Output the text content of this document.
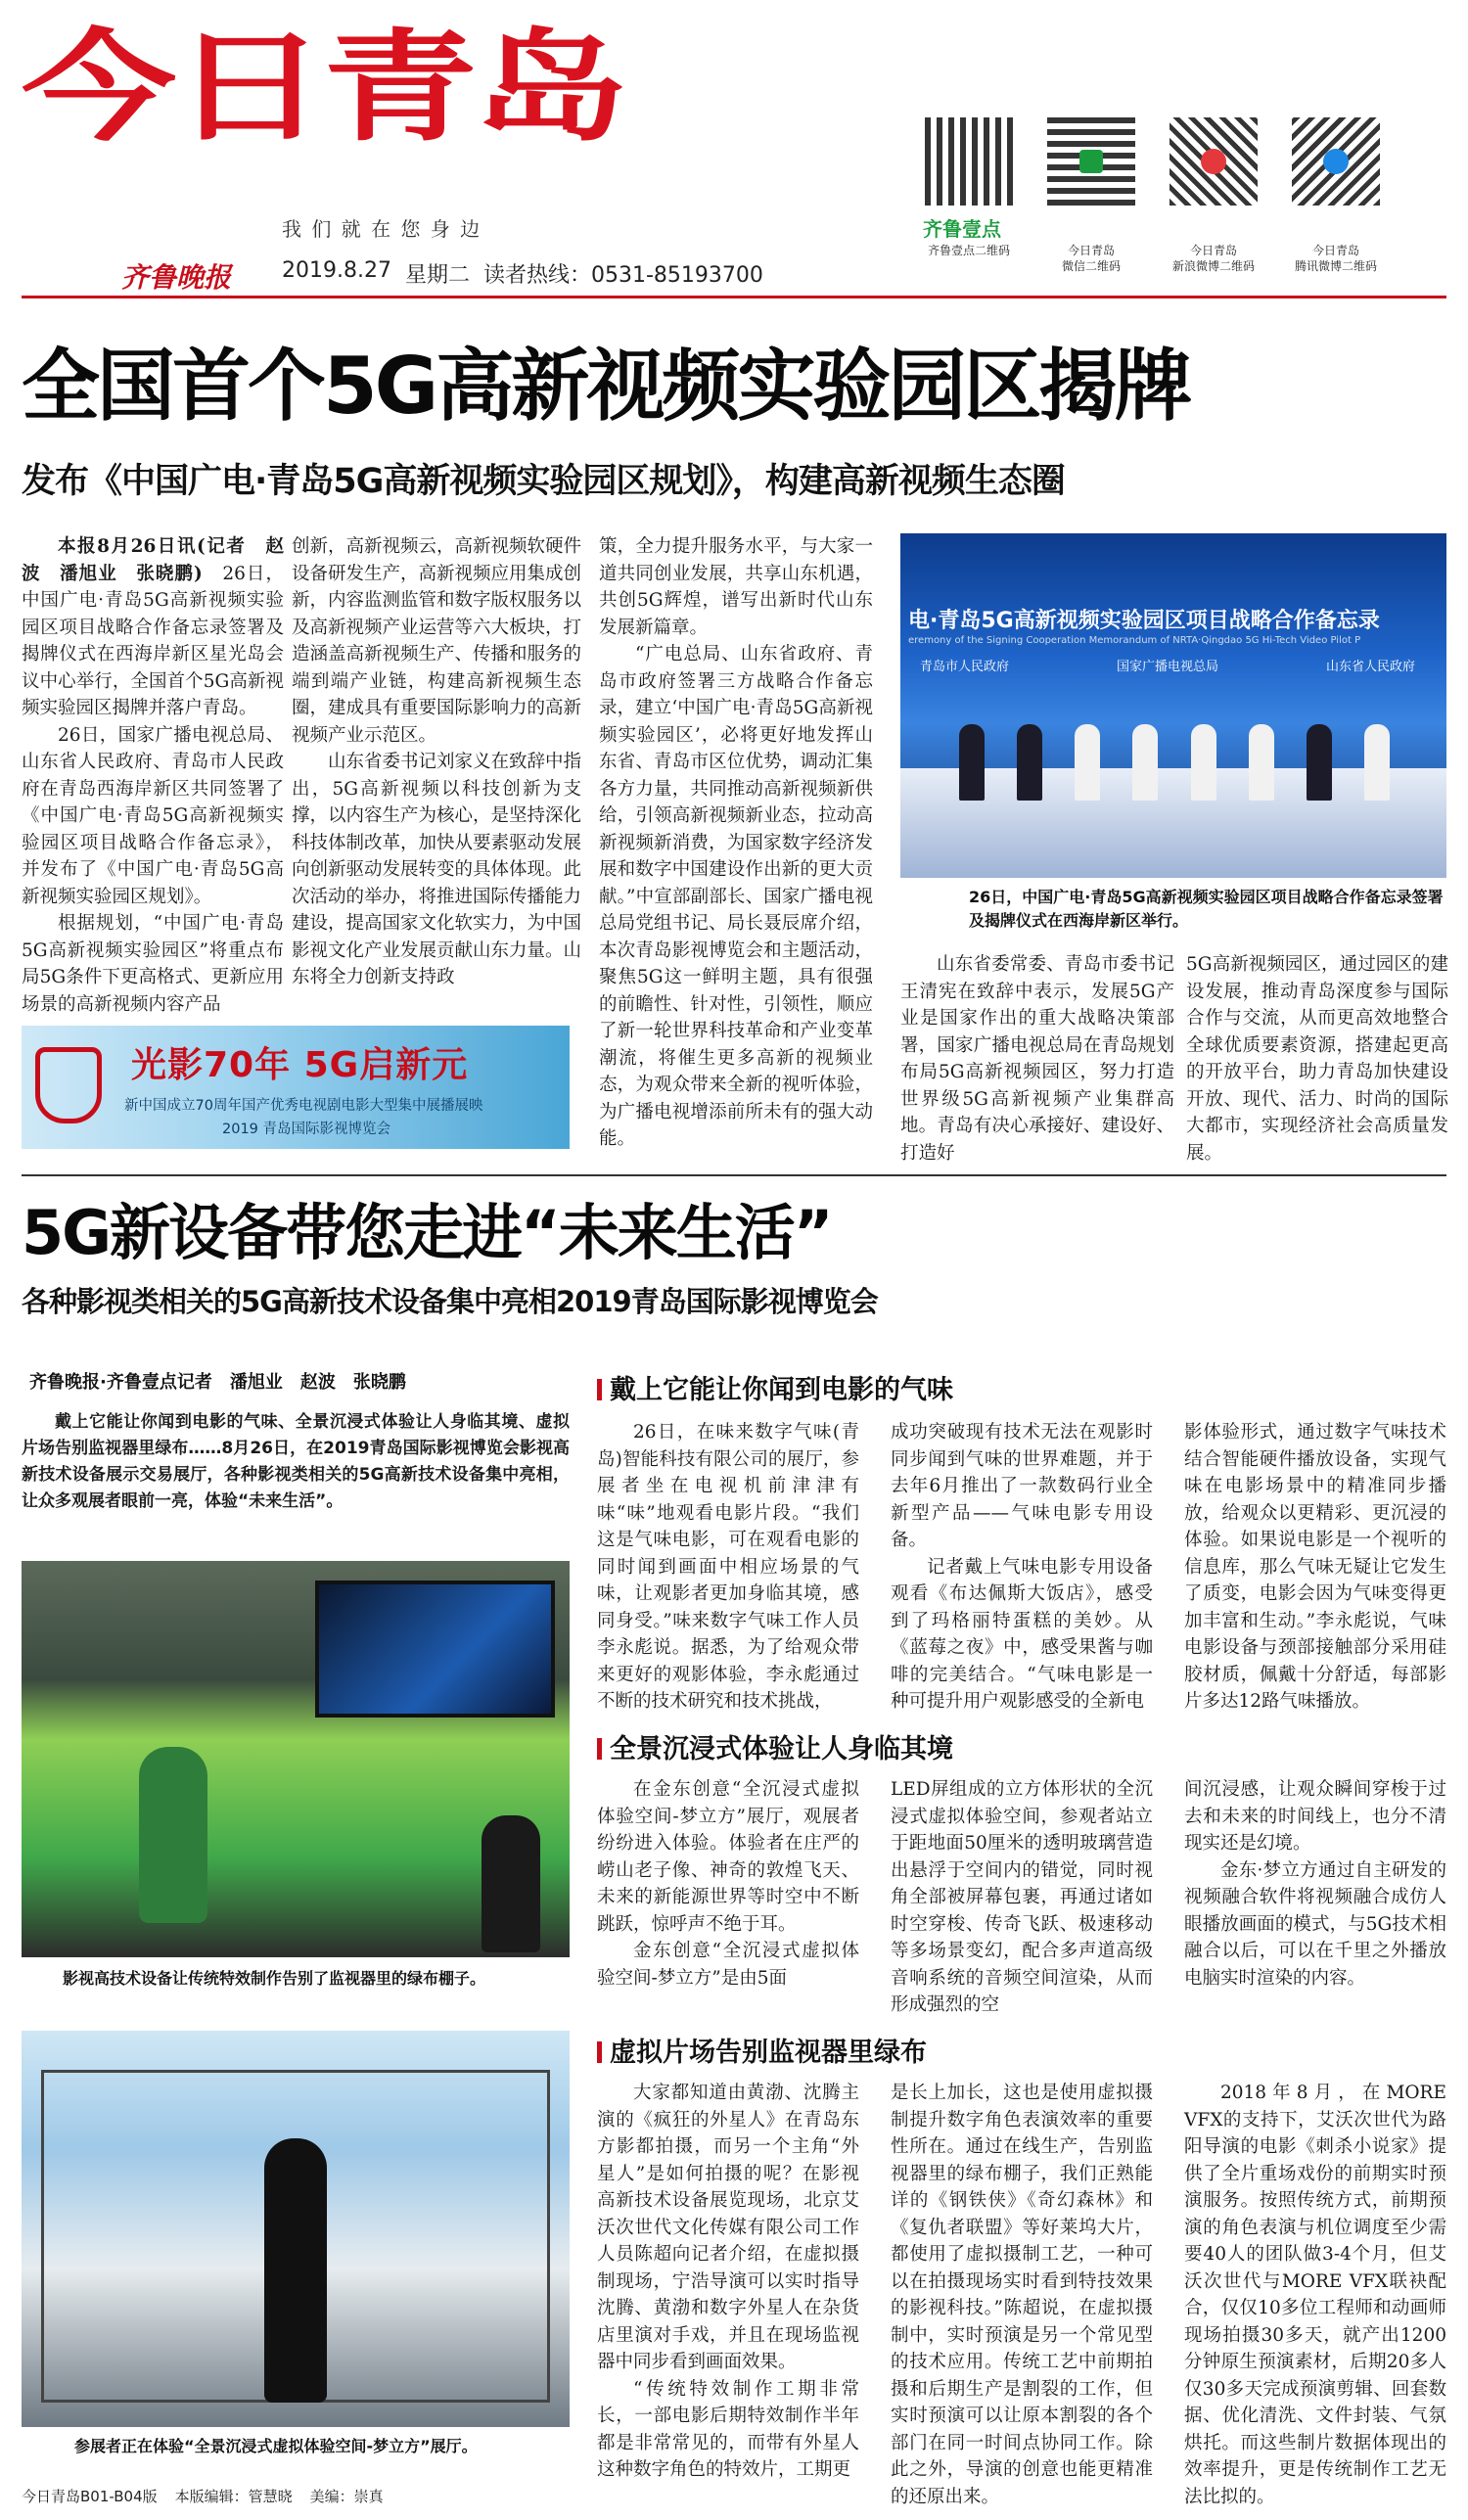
今日青岛
我 们 就 在 您 身 边
齐鲁晚报 2019.8.27 星期二 读者热线：0531-85193700
齐鲁壹点
齐鲁壹点二维码	今日青岛
微信二维码
今日青岛
新浪微博二维码
今日青岛
腾讯微博二维码
全国首个5G高新视频实验园区揭牌
发布《中国广电·青岛5G高新视频实验园区规划》，构建高新视频生态圈

本报8月26日讯(记者　赵波　潘旭业　张晓鹏)　26日，中国广电·青岛5G高新视频实验园区项目战略合作备忘录签署及揭牌仪式在西海岸新区星光岛会议中心举行，全国首个5G高新视频实验园区揭牌并落户青岛。

26日，国家广播电视总局、山东省人民政府、青岛市人民政府在青岛西海岸新区共同签署了《中国广电·青岛5G高新视频实验园区项目战略合作备忘录》，并发布了《中国广电·青岛5G高新视频实验园区规划》。

根据规划，“中国广电·青岛5G高新视频实验园区”将重点布局5G条件下更高格式、更新应用场景的高新视频内容产品

创新，高新视频云，高新视频软硬件设备研发生产，高新视频应用集成创新，内容监测监管和数字版权服务以及高新视频产业运营等六大板块，打造涵盖高新视频生产、传播和服务的端到端产业链，构建高新视频生态圈，建成具有重要国际影响力的高新视频产业示范区。

山东省委书记刘家义在致辞中指出，5G高新视频以科技创新为支撑，以内容生产为核心，是坚持深化科技体制改革，加快从要素驱动发展向创新驱动发展转变的具体体现。此次活动的举办，将推进国际传播能力建设，提高国家文化软实力，为中国影视文化产业发展贡献山东力量。山东将全力创新支持政

策，全力提升服务水平，与大家一道共同创业发展，共享山东机遇，共创5G辉煌，谱写出新时代山东发展新篇章。

“广电总局、山东省政府、青岛市政府签署三方战略合作备忘录，建立‘中国广电·青岛5G高新视频实验园区’，必将更好地发挥山东省、青岛市区位优势，调动汇集各方力量，共同推动高新视频新供给，引领高新视频新业态，拉动高新视频新消费，为国家数字经济发展和数字中国建设作出新的更大贡献。”中宣部副部长、国家广播电视总局党组书记、局长聂辰席介绍，本次青岛影视博览会和主题活动，聚焦5G这一鲜明主题，具有很强的前瞻性、针对性，引领性，顺应了新一轮世界科技革命和产业变革潮流，将催生更多高新的视频业态，为观众带来全新的视听体验，为广播电视增添前所未有的强大动能。

光影70年 5G启新元
新中国成立70周年国产优秀电视剧电影大型集中展播展映
2019 青岛国际影视博览会
电·青岛5G高新视频实验园区项目战略合作备忘录
eremony of the Signing Cooperation Memorandum of NRTA·Qingdao 5G Hi-Tech Video Pilot P
青岛市人民政府	国家广播电视总局	山东省人民政府
26日，中国广电·青岛5G高新视频实验园区项目战略合作备忘录签署及揭牌仪式在西海岸新区举行。

山东省委常委、青岛市委书记王清宪在致辞中表示，发展5G产业是国家作出的重大战略决策部署，国家广播电视总局在青岛规划布局5G高新视频园区，努力打造世界级5G高新视频产业集群高地。青岛有决心承接好、建设好、打造好

5G高新视频园区，通过园区的建设发展，推动青岛深度参与国际合作与交流，从而更高效地整合全球优质要素资源，搭建起更高的开放平台，助力青岛加快建设开放、现代、活力、时尚的国际大都市，实现经济社会高质量发展。

5G新设备带您走进“未来生活”
各种影视类相关的5G高新技术设备集中亮相2019青岛国际影视博览会
齐鲁晚报·齐鲁壹点记者　潘旭业　赵波　张晓鹏

戴上它能让你闻到电影的气味、全景沉浸式体验让人身临其境、虚拟片场告别监视器里绿布……8月26日，在2019青岛国际影视博览会影视高新技术设备展示交易展厅，各种影视类相关的5G高新技术设备集中亮相，让众多观展者眼前一亮，体验“未来生活”。

影视高技术设备让传统特效制作告别了监视器里的绿布棚子。
参展者正在体验“全景沉浸式虚拟体验空间-梦立方”展厅。
戴上它能让你闻到电影的气味

26日，在味来数字气味(青岛)智能科技有限公司的展厅，参展者坐在电视机前津津有味“味”地观看电影片段。“我们这是气味电影，可在观看电影的同时闻到画面中相应场景的气味，让观影者更加身临其境，感同身受。”味来数字气味工作人员李永彪说。据悉，为了给观众带来更好的观影体验，李永彪通过不断的技术研究和技术挑战，

成功突破现有技术无法在观影时同步闻到气味的世界难题，并于去年6月推出了一款数码行业全新型产品——气味电影专用设备。

记者戴上气味电影专用设备观看《布达佩斯大饭店》，感受到了玛格丽特蛋糕的美妙。从《蓝莓之夜》中，感受果酱与咖啡的完美结合。“气味电影是一种可提升用户观影感受的全新电

影体验形式，通过数字气味技术结合智能硬件播放设备，实现气味在电影场景中的精准同步播放，给观众以更精彩、更沉浸的体验。如果说电影是一个视听的信息库，那么气味无疑让它发生了质变，电影会因为气味变得更加丰富和生动。”李永彪说，气味电影设备与颈部接触部分采用硅胶材质，佩戴十分舒适，每部影片多达12路气味播放。

全景沉浸式体验让人身临其境

在金东创意“全沉浸式虚拟体验空间-梦立方”展厅，观展者纷纷进入体验。体验者在庄严的崂山老子像、神奇的敦煌飞天、未来的新能源世界等时空中不断跳跃，惊呼声不绝于耳。

金东创意“全沉浸式虚拟体验空间-梦立方”是由5面

LED屏组成的立方体形状的全沉浸式虚拟体验空间，参观者站立于距地面50厘米的透明玻璃营造出悬浮于空间内的错觉，同时视角全部被屏幕包裹，再通过诸如时空穿梭、传奇飞跃、极速移动等多场景变幻，配合多声道高级音响系统的音频空间渲染，从而形成强烈的空

间沉浸感，让观众瞬间穿梭于过去和未来的时间线上，也分不清现实还是幻境。

金东·梦立方通过自主研发的视频融合软件将视频融合成仿人眼播放画面的模式，与5G技术相融合以后，可以在千里之外播放电脑实时渲染的内容。

虚拟片场告别监视器里绿布

大家都知道由黄渤、沈腾主演的《疯狂的外星人》在青岛东方影都拍摄，而另一个主角“外星人”是如何拍摄的呢？在影视高新技术设备展览现场，北京艾沃次世代文化传媒有限公司工作人员陈超向记者介绍，在虚拟摄制现场，宁浩导演可以实时指导沈腾、黄渤和数字外星人在杂货店里演对手戏，并且在现场监视器中同步看到画面效果。

“传统特效制作工期非常长，一部电影后期特效制作半年都是非常常见的，而带有外星人这种数字角色的特效片，工期更

是长上加长，这也是使用虚拟摄制提升数字角色表演效率的重要性所在。通过在线生产，告别监视器里的绿布棚子，我们正熟能详的《钢铁侠》《奇幻森林》和《复仇者联盟》等好莱坞大片，都使用了虚拟摄制工艺，一种可以在拍摄现场实时看到特技效果的影视科技。”陈超说，在虚拟摄制中，实时预演是另一个常见型的技术应用。传统工艺中前期拍摄和后期生产是割裂的工作，但实时预演可以让原本割裂的各个部门在同一时间点协同工作。除此之外，导演的创意也能更精准的还原出来。

2018年8月，在MORE VFX的支持下，艾沃次世代为路阳导演的电影《刺杀小说家》提供了全片重场戏份的前期实时预演服务。按照传统方式，前期预演的角色表演与机位调度至少需要40人的团队做3-4个月，但艾沃次世代与MORE VFX联袂配合，仅仅10多位工程师和动画师现场拍摄30多天，就产出1200分钟原生预演素材，后期20多人仅30多天完成预演剪辑、回套数据、优化清洗、文件封装、气氛烘托。而这些制片数据体现出的效率提升，更是传统制作工艺无法比拟的。

今日青岛B01-B04版 本版编辑：管慧晓 美编：崇真
